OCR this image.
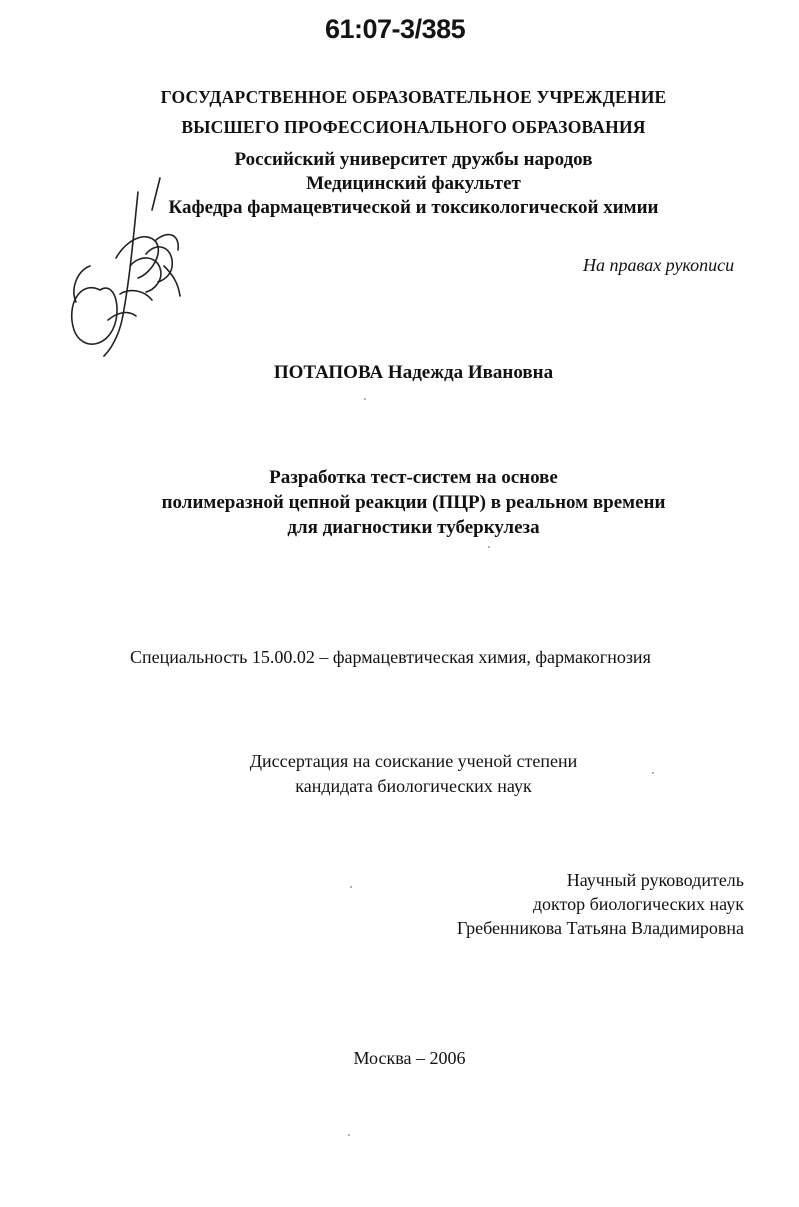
61:07-3/385
ГОСУДАРСТВЕННОЕ ОБРАЗОВАТЕЛЬНОЕ УЧРЕЖДЕНИЕ
ВЫСШЕГО ПРОФЕССИОНАЛЬНОГО ОБРАЗОВАНИЯ
Российский университет дружбы народов
Медицинский факультет
Кафедра фармацевтической и токсикологической химии
На правах рукописи
ПОТАПОВА Надежда Ивановна
Разработка тест-систем на основе
полимеразной цепной реакции (ПЦР) в реальном времени
для диагностики туберкулеза
Специальность 15.00.02 – фармацевтическая химия, фармакогнозия
Диссертация на соискание ученой степени
кандидата биологических наук
Научный руководитель
доктор биологических наук
Гребенникова Татьяна Владимировна
Москва – 2006
